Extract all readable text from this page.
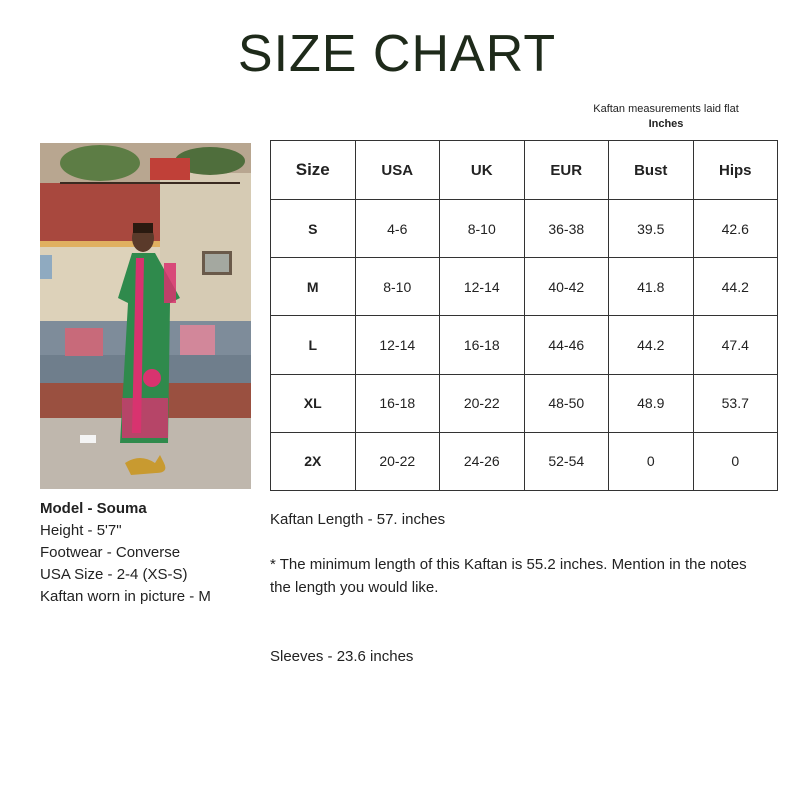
SIZE CHART
Kaftan measurements laid flat
Inches
Size	USA	UK	EUR	Bust	Hips
S	4-6	8-10	36-38	39.5	42.6
M	8-10	12-14	40-42	41.8	44.2
L	12-14	16-18	44-46	44.2	47.4
XL	16-18	20-22	48-50	48.9	53.7
2X	20-22	24-26	52-54	0	0
Model - Souma
Height - 5'7"
Footwear - Converse
USA Size - 2-4 (XS-S)
Kaftan worn in picture - M

Kaftan Length - 57. inches

* The minimum length of this Kaftan is 55.2 inches. Mention in the notes the length you would like.

Sleeves - 23.6 inches
